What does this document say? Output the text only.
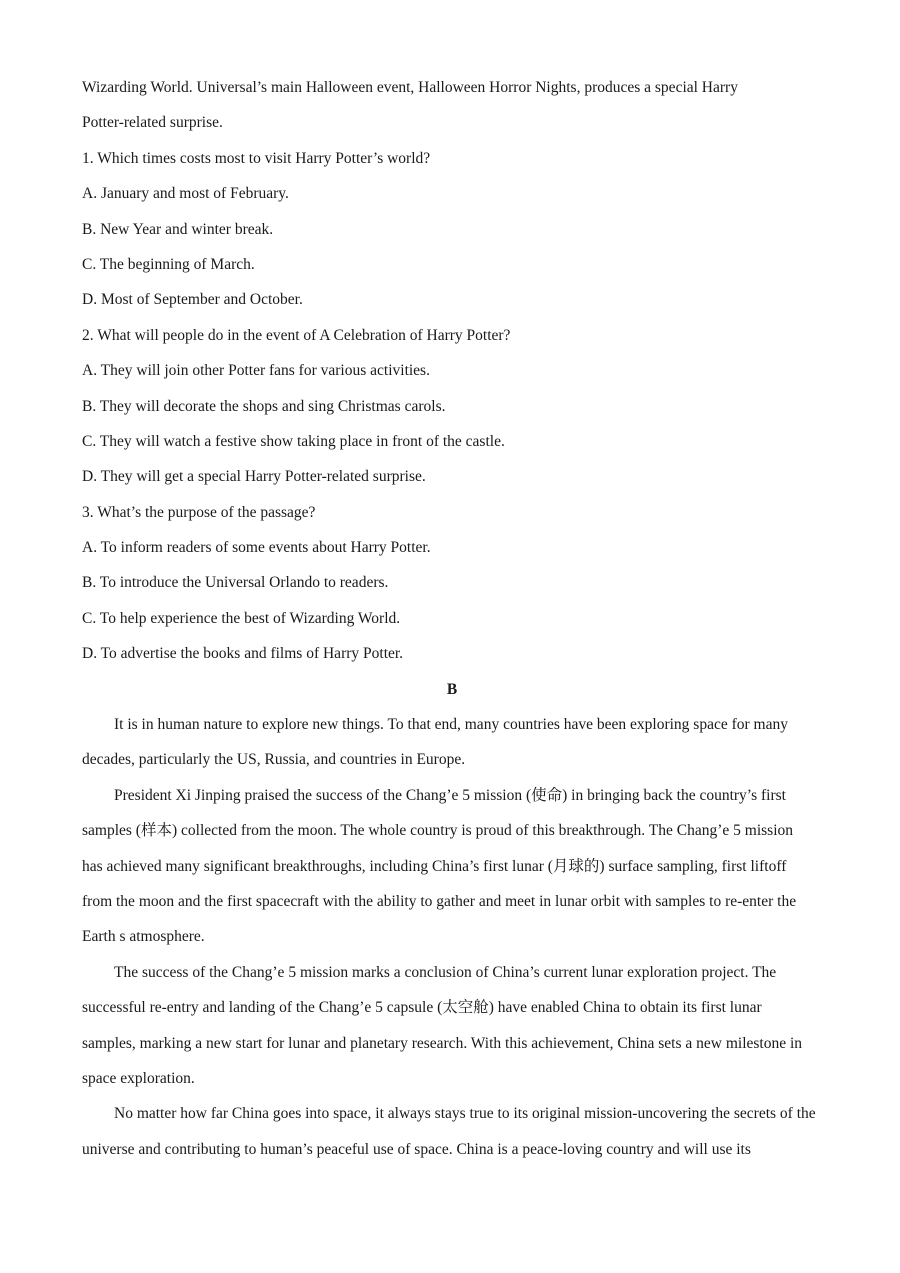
Wizarding World. Universal’s main Halloween event, Halloween Horror Nights, produces a special Harry
Potter-related surprise.
1. Which times costs most to visit Harry Potter’s world?
A. January and most of February.
B. New Year and winter break.
C. The beginning of March.
D. Most of September and October.
2. What will people do in the event of A Celebration of Harry Potter?
A. They will join other Potter fans for various activities.
B. They will decorate the shops and sing Christmas carols.
C. They will watch a festive show taking place in front of the castle.
D. They will get a special Harry Potter-related surprise.
3. What’s the purpose of the passage?
A. To inform readers of some events about Harry Potter.
B. To introduce the Universal Orlando to readers.
C. To help experience the best of Wizarding World.
D. To advertise the books and films of Harry Potter.
B
It is in human nature to explore new things. To that end, many countries have been exploring space for many
decades, particularly the US, Russia, and countries in Europe.
President Xi Jinping praised the success of the Chang’e 5 mission (使命) in bringing back the country’s first
samples (样本) collected from the moon. The whole country is proud of this breakthrough. The Chang’e 5 mission
has achieved many significant breakthroughs, including China’s first lunar (月球的) surface sampling, first liftoff
from the moon and the first spacecraft with the ability to gather and meet in lunar orbit with samples to re-enter the
Earth s atmosphere.
The success of the Chang’e 5 mission marks a conclusion of China’s current lunar exploration project. The
successful re-entry and landing of the Chang’e 5 capsule (太空舱) have enabled China to obtain its first lunar
samples, marking a new start for lunar and planetary research. With this achievement, China sets a new milestone in
space exploration.
No matter how far China goes into space, it always stays true to its original mission-uncovering the secrets of the
universe and contributing to human’s peaceful use of space. China is a peace-loving country and will use its
